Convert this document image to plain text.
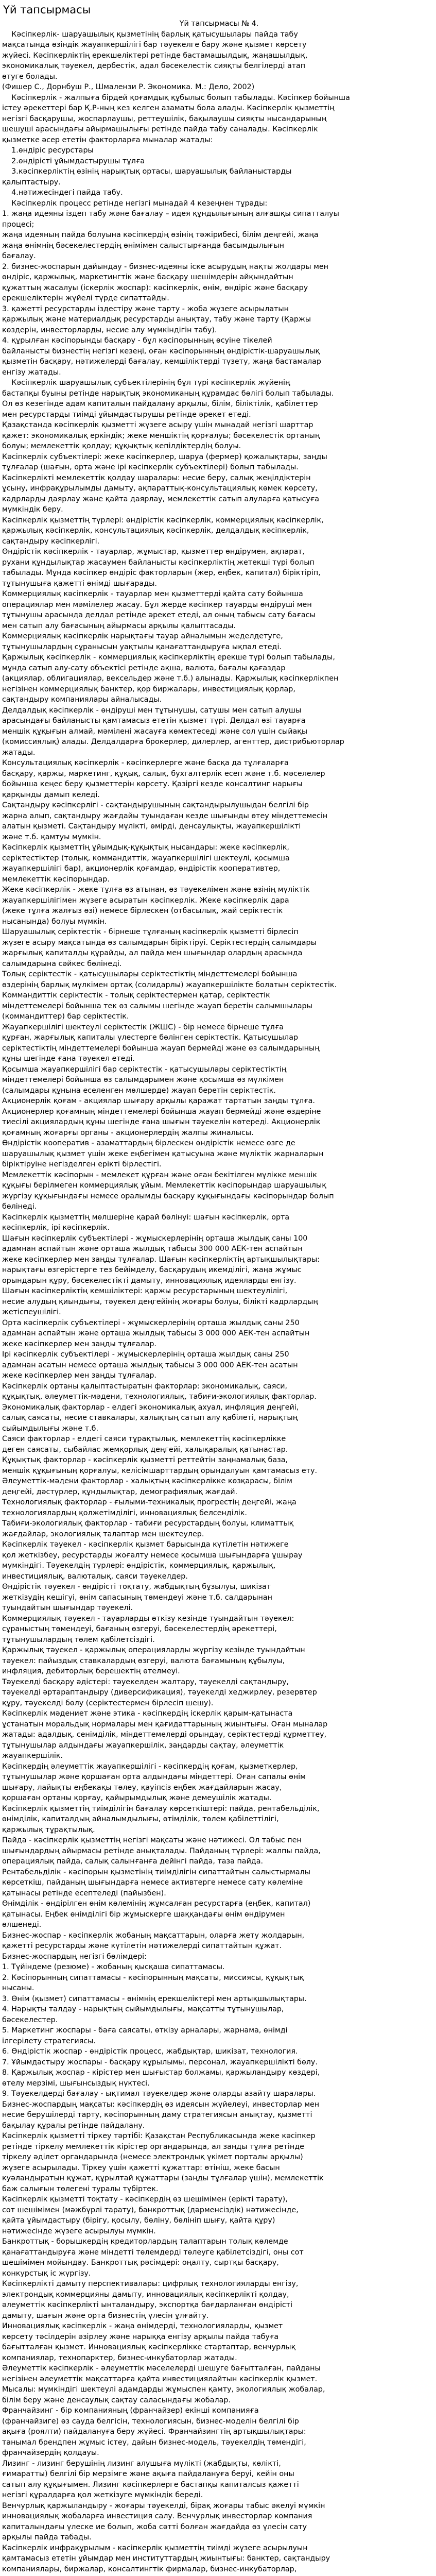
Үй тапсырмасы
Үй тапсырмасы № 4.
Кәсіпкерлік- шаруашылық қызметінің барлық қатысушылары пайда табу
мақсатында өзіндік жауапкершілігі бар тәуекелге бару және қызмет көрсету
жүйесі. Кәсіпкерліктің ерекшеліктері ретінде бастамашылдық, жаңашылдық,
экономикалық тәуекел, дербестік, адал бәсекелестік сияқты белгілерді атап
өтуге болады.
(Фишер С., Дорнбуш Р., Шмалензи Р. Экономика. М.: Дело, 2002)
Кәсіпкерлік - жалпыға бірдей қоғамдық құбылыс болып табылады. Кәсіпкер бойынша
істеу әрекеттері бар Қ.Р-ның кез келген азаматы бола алады. Кәсіпкерлік қызметтің
негізгі басқарушы, жоспарлаушы, реттеушілік, бақылаушы сияқты нысандарының
шешуші арасындағы айырмашылығы ретінде пайда табу саналады. Кәсіпкерлік
қызметке әсер ететін факторларға мыналар жатады:
1.өндіріс ресурстары
2.өндірісті ұйымдастырушы тұлға
3.кәсіпкерліктің өзінің нарықтық ортасы, шаруашылық байланыстарды
қалыптастыру.
4.нәтижесіндегі пайда табу.
Кәсіпкерлік процесс ретінде негізгі мынадай 4 кезеңнен тұрады:
1. жаңа идеяны іздеп табу және бағалау – идея құндылығының алғашқы сипатталуы
процесі;
жаңа идеяның пайда болуына кәсіпкердің өзінің тәжірибесі, білім деңгейі, жаңа
жаңа өнімнің бәсекелестердің өнімімен салыстырғанда басымдылығын
бағалау.
2. бизнес-жоспарын дайындау - бизнес-идеяны іске асырудың нақты жолдары мен
өндіріс, қаржылық, маркетингтік және басқару шешімдерін айқындайтын
құжаттың жасалуы (іскерлік жоспар): кәсіпкерлік, өнім, өндіріс және басқару
ерекшеліктерін жүйелі түрде сипаттайды.
3. қажетті ресурстарды іздестіру және тарту - жоба жүзеге асырылатын
қаржылық және материалдық ресурстарды анықтау, табу және тарту (Қаржы
көздерін, инвесторларды, несие алу мүмкіндігін табу).
4. құрылған кәсіпорынды басқару - бұл кәсіпорынның өсуіне тікелей
байланысты бизнестің негізгі кезеңі, оған кәсіпорынның өндірістік-шаруашылық
қызметін басқару, нәтижелерді бағалау, кемшіліктерді түзету, жаңа бастамалар
енгізу жатады.
Кәсіпкерлік шаруашылық субъектілерінің бұл түрі кәсіпкерлік жүйенің
бастапқы буыны ретінде нарықтық экономиканың құрамдас бөлігі болып табылады.
Ол өз кезегінде адам капиталын пайдалану арқылы, білім, біліктілік, қабілеттер
мен ресурстарды тиімді ұйымдастырушы ретінде әрекет етеді.
Қазақстанда кәсіпкерлік қызметті жүзеге асыру үшін мынадай негізгі шарттар
қажет: экономикалық еркіндік; жеке меншіктің қорғалуы; бәсекелестік ортаның
болуы; мемлекеттік қолдау; құқықтық кепілдіктердің болуы.
Кәсіпкерлік субъектілері: жеке кәсіпкерлер, шаруа (фермер) қожалықтары, заңды
тұлғалар (шағын, орта және ірі кәсіпкерлік субъектілері) болып табылады.
Кәсіпкерлікті мемлекеттік қолдау шаралары: несие беру, салық жеңілдіктерін
ұсыну, инфрақұрылымды дамыту, ақпараттық-консультациялық көмек көрсету,
кадрларды даярлау және қайта даярлау, мемлекеттік сатып алуларға қатысуға
мүмкіндік беру.
Кәсіпкерлік қызметтің түрлері: өндірістік кәсіпкерлік, коммерциялық кәсіпкерлік,
қаржылық кәсіпкерлік, консультациялық кәсіпкерлік, делдалдық кәсіпкерлік,
сақтандыру кәсіпкерлігі.
Өндірістік кәсіпкерлік - тауарлар, жұмыстар, қызметтер өндірумен, ақпарат,
рухани құндылықтар жасаумен байланысты кәсіпкерліктің жетекші түрі болып
табылады. Мұнда кәсіпкер өндіріс факторларын (жер, еңбек, капитал) біріктіріп,
тұтынушыға қажетті өнімді шығарады.
Коммерциялық кәсіпкерлік - тауарлар мен қызметтерді қайта сату бойынша
операциялар мен мәмілелер жасау. Бұл жерде кәсіпкер тауарды өндіруші мен
тұтынушы арасында делдал ретінде әрекет етеді, ал оның табысы сату бағасы
мен сатып алу бағасының айырмасы арқылы қалыптасады.
Коммерциялық кәсіпкерлік нарықтағы тауар айналымын жеделдетуге,
тұтынушылардың сұранысын уақтылы қанағаттандыруға ықпал етеді.
Қаржылық кәсіпкерлік - коммерциялық кәсіпкерліктің ерекше түрі болып табылады,
мұнда сатып алу-сату объектісі ретінде ақша, валюта, бағалы қағаздар
(акциялар, облигациялар, вексельдер және т.б.) алынады. Қаржылық кәсіпкерлікпен
негізінен коммерциялық банктер, қор биржалары, инвестициялық қорлар,
сақтандыру компаниялары айналысады.
Делдалдық кәсіпкерлік - өндіруші мен тұтынушы, сатушы мен сатып алушы
арасындағы байланысты қамтамасыз ететін қызмет түрі. Делдал өзі тауарға
меншік құқығын алмай, мәмілені жасауға көмектеседі және сол үшін сыйақы
(комиссиялық) алады. Делдалдарға брокерлер, дилерлер, агенттер, дистрибьюторлар
жатады.
Консультациялық кәсіпкерлік - кәсіпкерлерге және басқа да тұлғаларға
басқару, қаржы, маркетинг, құқық, салық, бухгалтерлік есеп және т.б. мәселелер
бойынша кеңес беру қызметтерін көрсету. Қазіргі кезде консалтинг нарығы
қарқынды дамып келеді.
Сақтандыру кәсіпкерлігі - сақтандырушының сақтандырылушыдан белгілі бір
жарна алып, сақтандыру жағдайы туындаған кезде шығынды өтеу міндеттемесін
алатын қызметі. Сақтандыру мүлікті, өмірді, денсаулықты, жауапкершілікті
және т.б. қамтуы мүмкін.
Кәсіпкерлік қызметтің ұйымдық-құқықтық нысандары: жеке кәсіпкерлік,
серіктестіктер (толық, коммандиттік, жауапкершілігі шектеулі, қосымша
жауапкершілігі бар), акционерлік қоғамдар, өндірістік кооперативтер,
мемлекеттік кәсіпорындар.
Жеке кәсіпкерлік - жеке тұлға өз атынан, өз тәуекелімен және өзінің мүліктік
жауапкершілігімен жүзеге асыратын кәсіпкерлік. Жеке кәсіпкерлік дара
(жеке тұлға жалғыз өзі) немесе бірлескен (отбасылық, жай серіктестік
нысанында) болуы мүмкін.
Шаруашылық серіктестік - бірнеше тұлғаның кәсіпкерлік қызметті бірлесіп
жүзеге асыру мақсатында өз салымдарын біріктіруі. Серіктестердің салымдары
жарғылық капиталды құрайды, ал пайда мен шығындар олардың арасында
салымдарына сәйкес бөлінеді.
Толық серіктестік - қатысушылары серіктестіктің міндеттемелері бойынша
өздерінің барлық мүлкімен ортақ (солидарлы) жауапкершілікте болатын серіктестік.
Коммандиттік серіктестік - толық серіктестермен қатар, серіктестік
міндеттемелері бойынша тек өз салымы шегінде жауап беретін салымшылары
(коммандиттер) бар серіктестік.
Жауапкершілігі шектеулі серіктестік (ЖШС) - бір немесе бірнеше тұлға
құрған, жарғылық капиталы үлестерге бөлінген серіктестік. Қатысушылар
серіктестіктің міндеттемелері бойынша жауап бермейді және өз салымдарының
құны шегінде ғана тәуекел етеді.
Қосымша жауапкершілігі бар серіктестік - қатысушылары серіктестіктің
міндеттемелері бойынша өз салымдарымен және қосымша өз мүлкімен
(салымдары құнына еселенген мөлшерде) жауап беретін серіктестік.
Акционерлік қоғам - акциялар шығару арқылы қаражат тартатын заңды тұлға.
Акционерлер қоғамның міндеттемелері бойынша жауап бермейді және өздеріне
тиесілі акциялардың құны шегінде ғана шығын тәуекелін көтереді. Акционерлік
қоғамның жоғарғы органы - акционерлердің жалпы жиналысы.
Өндірістік кооператив - азаматтардың бірлескен өндірістік немесе өзге де
шаруашылық қызмет үшін жеке еңбегімен қатысуына және мүліктік жарналарын
біріктіруіне негізделген ерікті бірлестігі.
Мемлекеттік кәсіпорын - мемлекет құрған және оған бекітілген мүлікке меншік
құқығы берілмеген коммерциялық ұйым. Мемлекеттік кәсіпорындар шаруашылық
жүргізу құқығындағы немесе оралымды басқару құқығындағы кәсіпорындар болып
бөлінеді.
Кәсіпкерлік қызметтің мөлшеріне қарай бөлінуі: шағын кәсіпкерлік, орта
кәсіпкерлік, ірі кәсіпкерлік.
Шағын кәсіпкерлік субъектілері - жұмыскерлерінің орташа жылдық саны 100
адамнан аспайтын және орташа жылдық табысы 300 000 АЕК-тен аспайтын
жеке кәсіпкерлер мен заңды тұлғалар. Шағын кәсіпкерліктің артықшылықтары:
нарықтағы өзгерістерге тез бейімделу, басқарудың икемділігі, жаңа жұмыс
орындарын құру, бәсекелестікті дамыту, инновациялық идеяларды енгізу.
Шағын кәсіпкерліктің кемшіліктері: қаржы ресурстарының шектеулілігі,
несие алудың қиындығы, тәуекел деңгейінің жоғары болуы, білікті кадрлардың
жетіспеушілігі.
Орта кәсіпкерлік субъектілері - жұмыскерлерінің орташа жылдық саны 250
адамнан аспайтын және орташа жылдық табысы 3 000 000 АЕК-тен аспайтын
жеке кәсіпкерлер мен заңды тұлғалар.
Ірі кәсіпкерлік субъектілері - жұмыскерлерінің орташа жылдық саны 250
адамнан асатын немесе орташа жылдық табысы 3 000 000 АЕК-тен асатын
жеке кәсіпкерлер мен заңды тұлғалар.
Кәсіпкерлік ортаны қалыптастыратын факторлар: экономикалық, саяси,
құқықтық, әлеуметтік-мәдени, технологиялық, табиғи-экологиялық факторлар.
Экономикалық факторлар - елдегі экономикалық ахуал, инфляция деңгейі,
салық саясаты, несие ставкалары, халықтың сатып алу қабілеті, нарықтың
сыйымдылығы және т.б.
Саяси факторлар - елдегі саяси тұрақтылық, мемлекеттің кәсіпкерлікке
деген саясаты, сыбайлас жемқорлық деңгейі, халықаралық қатынастар.
Құқықтық факторлар - кәсіпкерлік қызметті реттейтін заңнамалық база,
меншік құқығының қорғалуы, келісімшарттардың орындалуын қамтамасыз ету.
Әлеуметтік-мәдени факторлар - халықтың кәсіпкерлікке көзқарасы, білім
деңгейі, дәстүрлер, құндылықтар, демографиялық жағдай.
Технологиялық факторлар - ғылыми-техникалық прогрестің деңгейі, жаңа
технологиялардың қолжетімділігі, инновациялық белсенділік.
Табиғи-экологиялық факторлар - табиғи ресурстардың болуы, климаттық
жағдайлар, экологиялық талаптар мен шектеулер.
Кәсіпкерлік тәуекел - кәсіпкерлік қызмет барысында күтілетін нәтижеге
қол жеткізбеу, ресурстарды жоғалту немесе қосымша шығындарға ұшырау
мүмкіндігі. Тәуекелдің түрлері: өндірістік, коммерциялық, қаржылық,
инвестициялық, валюталық, саяси тәуекелдер.
Өндірістік тәуекел - өндірісті тоқтату, жабдықтың бұзылуы, шикізат
жеткізудің кешігуі, өнім сапасының төмендеуі және т.б. салдарынан
туындайтын шығындар тәуекелі.
Коммерциялық тәуекел - тауарларды өткізу кезінде туындайтын тәуекел:
сұраныстың төмендеуі, бағаның өзгеруі, бәсекелестердің әрекеттері,
тұтынушылардың төлем қабілетсіздігі.
Қаржылық тәуекел - қаржылық операцияларды жүргізу кезінде туындайтын
тәуекел: пайыздық ставкалардың өзгеруі, валюта бағамының құбылуы,
инфляция, дебиторлық берешектің өтелмеуі.
Тәуекелді басқару әдістері: тәуекелден жалтару, тәуекелді сақтандыру,
тәуекелді әртараптандыру (диверсификация), тәуекелді хеджирлеу, резервтер
құру, тәуекелді бөлу (серіктестермен бірлесіп шешу).
Кәсіпкерлік мәдениет және этика - кәсіпкердің іскерлік қарым-қатынаста
ұстанатын моральдық нормалары мен қағидаттарының жиынтығы. Оған мыналар
жатады: адалдық, сенімділік, міндеттемелерді орындау, серіктестерді құрметтеу,
тұтынушылар алдындағы жауапкершілік, заңдарды сақтау, әлеуметтік
жауапкершілік.
Кәсіпкердің әлеуметтік жауапкершілігі - кәсіпкердің қоғам, қызметкерлер,
тұтынушылар және қоршаған орта алдындағы міндеттері. Оған сапалы өнім
шығару, лайықты еңбекақы төлеу, қауіпсіз еңбек жағдайларын жасау,
қоршаған ортаны қорғау, қайырымдылық және демеушілік жатады.
Кәсіпкерлік қызметтің тиімділігін бағалау көрсеткіштері: пайда, рентабельділік,
өнімділік, капиталдың айналымдылығы, өтімділік, төлем қабілеттілігі,
қаржылық тұрақтылық.
Пайда - кәсіпкерлік қызметтің негізгі мақсаты және нәтижесі. Ол табыс пен
шығындардың айырмасы ретінде анықталады. Пайданың түрлері: жалпы пайда,
операциялық пайда, салық салынғанға дейінгі пайда, таза пайда.
Рентабельділік - кәсіпорын қызметінің тиімділігін сипаттайтын салыстырмалы
көрсеткіш, пайданың шығындарға немесе активтерге немесе сату көлеміне
қатынасы ретінде есептеледі (пайызбен).
Өнімділік - өндірілген өнім көлемінің жұмсалған ресурстарға (еңбек, капитал)
қатынасы. Еңбек өнімділігі бір жұмыскерге шаққандағы өнім өндірумен
өлшенеді.
Бизнес-жоспар - кәсіпкерлік жобаның мақсаттарын, оларға жету жолдарын,
қажетті ресурстарды және күтілетін нәтижелерді сипаттайтын құжат.
Бизнес-жоспардың негізгі бөлімдері:
1. Түйіндеме (резюме) - жобаның қысқаша сипаттамасы.
2. Кәсіпорынның сипаттамасы - кәсіпорынның мақсаты, миссиясы, құқықтық
нысаны.
3. Өнім (қызмет) сипаттамасы - өнімнің ерекшеліктері мен артықшылықтары.
4. Нарықты талдау - нарықтың сыйымдылығы, мақсатты тұтынушылар,
бәсекелестер.
5. Маркетинг жоспары - баға саясаты, өткізу арналары, жарнама, өнімді
ілгерілету стратегиясы.
6. Өндірістік жоспар - өндірістік процесс, жабдықтар, шикізат, технология.
7. Ұйымдастыру жоспары - басқару құрылымы, персонал, жауапкершілікті бөлу.
8. Қаржылық жоспар - кірістер мен шығыстар болжамы, қаржыландыру көздері,
өтелу мерзімі, шығынсыздық нүктесі.
9. Тәуекелдерді бағалау - ықтимал тәуекелдер және оларды азайту шаралары.
Бизнес-жоспардың мақсаты: кәсіпкердің өз идеясын жүйелеуі, инвесторлар мен
несие берушілерді тарту, кәсіпорынның даму стратегиясын анықтау, қызметті
бақылау құралы ретінде пайдалану.
Кәсіпкерлік қызметті тіркеу тәртібі: Қазақстан Республикасында жеке кәсіпкер
ретінде тіркелу мемлекеттік кірістер органдарында, ал заңды тұлға ретінде
тіркелу әділет органдарында (немесе электрондық үкімет порталы арқылы)
жүзеге асырылады. Тіркеу үшін қажетті құжаттар: өтініш, жеке басын
куәландыратын құжат, құрылтай құжаттары (заңды тұлғалар үшін), мемлекеттік
баж салығын төлегені туралы түбіртек.
Кәсіпкерлік қызметті тоқтату - кәсіпкердің өз шешімімен (ерікті тарату),
сот шешімімен (мәжбүрлі тарату), банкроттық (дәрменсіздік) нәтижесінде,
қайта ұйымдастыру (бірігу, қосылу, бөліну, бөлініп шығу, қайта құру)
нәтижесінде жүзеге асырылуы мүмкін.
Банкроттық - борышкердің кредиторлардың талаптарын толық көлемде
қанағаттандыруға және міндетті төлемдерді төлеуге қабілетсіздігі, оны сот
шешімімен мойындау. Банкроттық рәсімдері: оңалту, сыртқы басқару,
конкурстық іс жүргізу.
Кәсіпкерлікті дамыту перспективалары: цифрлық технологияларды енгізу,
электрондық коммерцияны дамыту, инновациялық кәсіпкерлікті қолдау,
әлеуметтік кәсіпкерлікті ынталандыру, экспортқа бағдарланған өндірісті
дамыту, шағын және орта бизнестің үлесін ұлғайту.
Инновациялық кәсіпкерлік - жаңа өнімдерді, технологияларды, қызмет
көрсету тәсілдерін әзірлеу және нарыққа енгізу арқылы пайда табуға
бағытталған қызмет. Инновациялық кәсіпкерлікке стартаптар, венчурлық
компаниялар, технопарктер, бизнес-инкубаторлар жатады.
Әлеуметтік кәсіпкерлік - әлеуметтік мәселелерді шешуге бағытталған, пайданы
негізінен әлеуметтік мақсаттарға қайта инвестициялайтын кәсіпкерлік қызмет.
Мысалы: мүмкіндігі шектеулі адамдарды жұмыспен қамту, экологиялық жобалар,
білім беру және денсаулық сақтау саласындағы жобалар.
Франчайзинг - бір компанияның (франчайзер) екінші компанияға
(франчайзиге) өз сауда белгісін, технологиясын, бизнес-моделін белгілі бір
ақыға (роялти) пайдалануға беру жүйесі. Франчайзингтің артықшылықтары:
танымал брендпен жұмыс істеу, дайын бизнес-модель, тәуекелдің төмендігі,
франчайзердің қолдауы.
Лизинг - лизинг берушінің лизинг алушыға мүлікті (жабдықты, көлікті,
ғимаратты) белгілі бір мерзімге және ақыға пайдалануға беруі, кейін оны
сатып алу құқығымен. Лизинг кәсіпкерлерге бастапқы капиталсыз қажетті
негізгі құралдарға қол жеткізуге мүмкіндік береді.
Венчурлық қаржыландыру - жоғары тәуекелді, бірақ жоғары табыс әкелуі мүмкін
инновациялық жобаларға инвестиция салу. Венчурлық инвесторлар компания
капиталындағы үлеске ие болып, жоба сәтті болған жағдайда өз үлесін сату
арқылы пайда табады.
Кәсіпкерлік инфрақұрылым - кәсіпкерлік қызметтің тиімді жүзеге асырылуын
қамтамасыз ететін ұйымдар мен институттардың жиынтығы: банктер, сақтандыру
компаниялары, биржалар, консалтингтік фирмалар, бизнес-инкубаторлар,
